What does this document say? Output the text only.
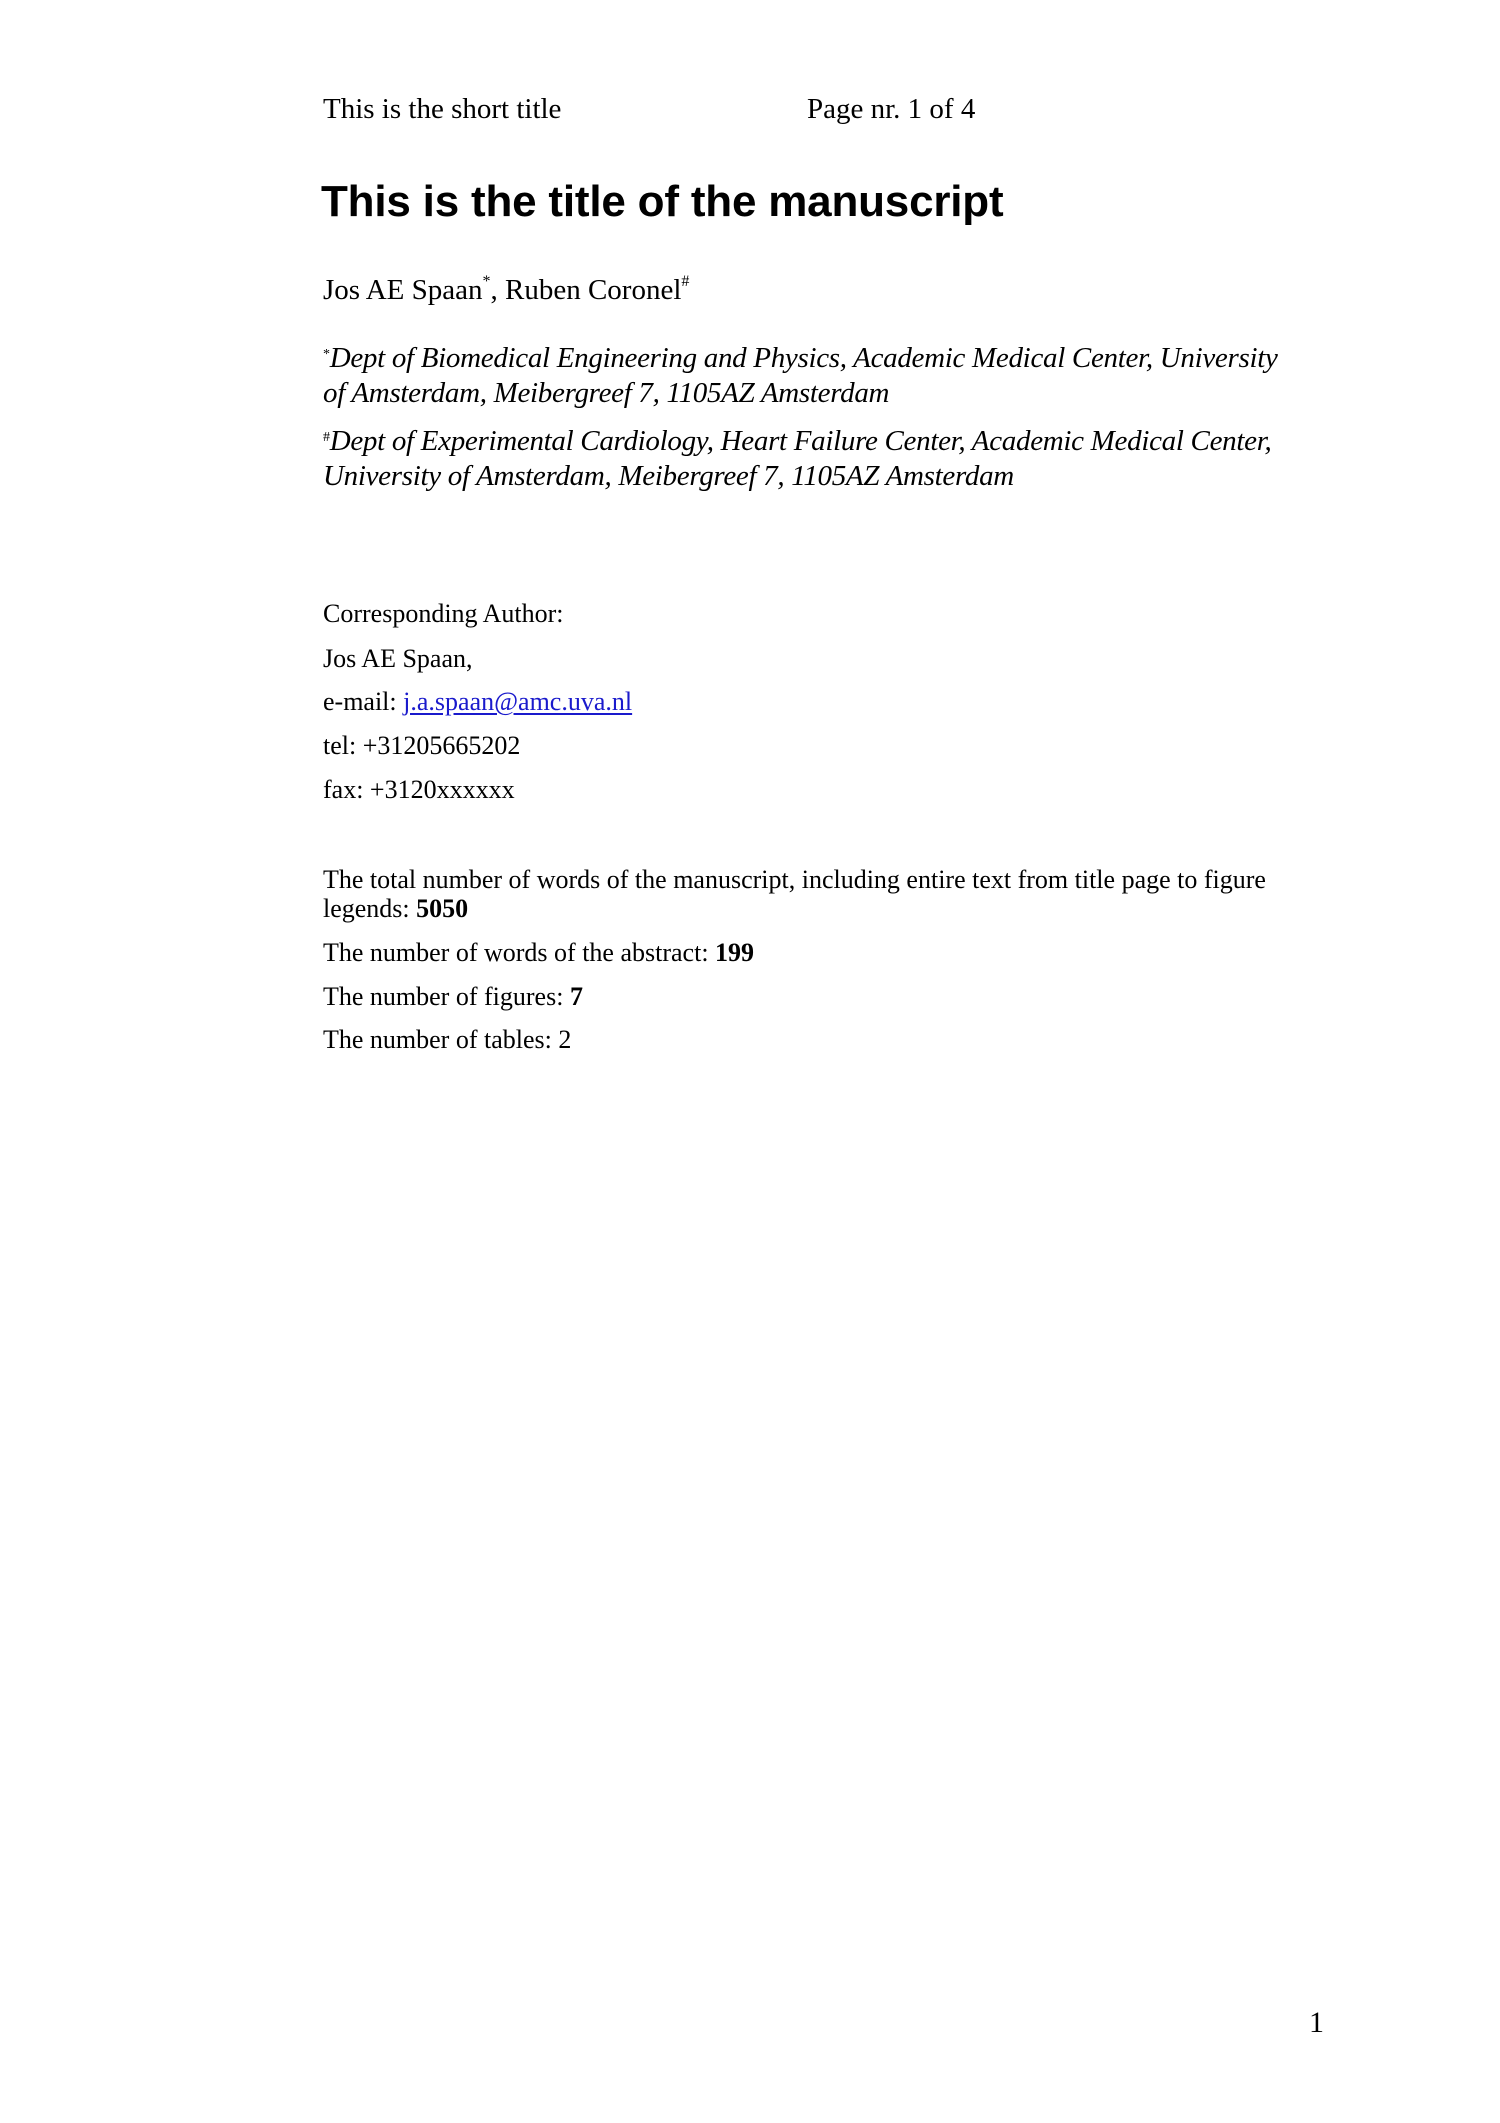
This is the short title	Page nr. 1 of 4
This is the title of the manuscript
Jos AE Spaan*, Ruben Coronel#
*Dept of Biomedical Engineering and Physics, Academic Medical Center, University of Amsterdam, Meibergreef 7, 1105AZ Amsterdam
#Dept of Experimental Cardiology, Heart Failure Center, Academic Medical Center, University of Amsterdam, Meibergreef 7, 1105AZ Amsterdam
Corresponding Author:
Jos AE Spaan,
e-mail: j.a.spaan@amc.uva.nl
tel: +31205665202
fax: +3120xxxxxx
The total number of words of the manuscript, including entire text from title page to figure legends: 5050
The number of words of the abstract: 199
The number of figures: 7
The number of tables: 2
1
